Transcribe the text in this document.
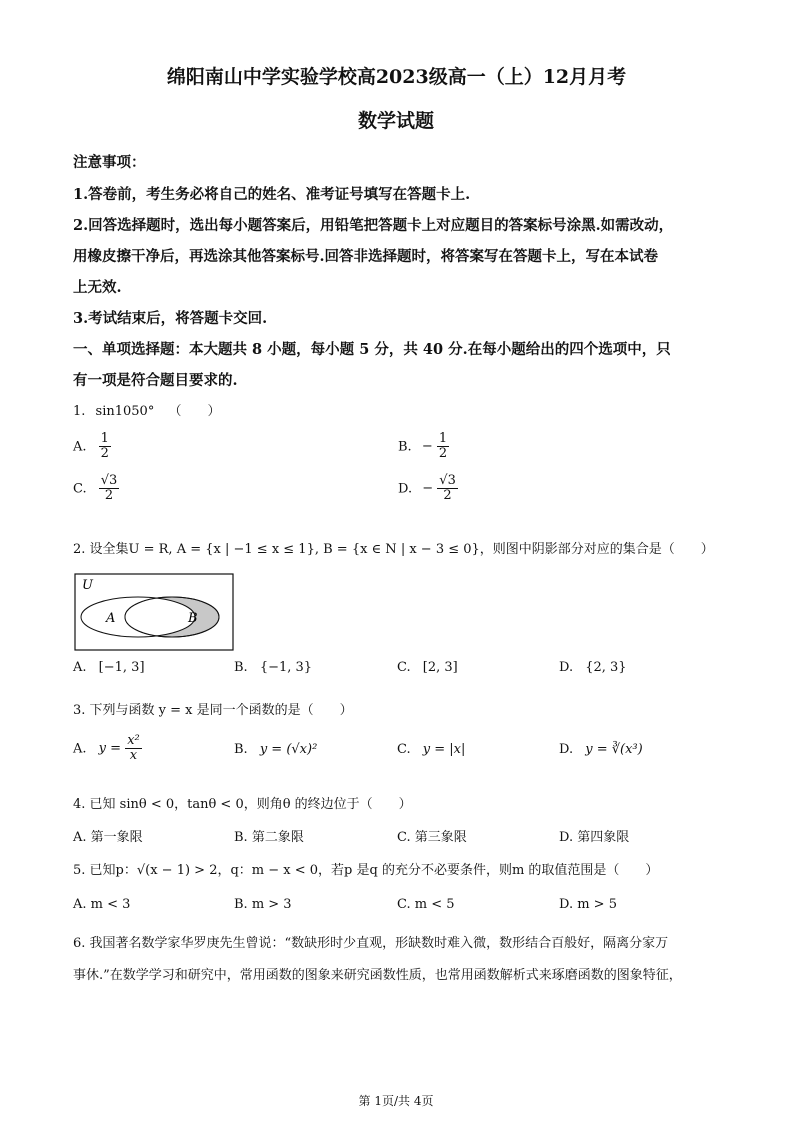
绵阳南山中学实验学校高2023级高一（上）12月月考
数学试题
注意事项：
1.答卷前，考生务必将自己的姓名、准考证号填写在答题卡上.
2.回答选择题时，选出每小题答案后，用铅笔把答题卡上对应题目的答案标号涂黑.如需改动，
用橡皮擦干净后，再选涂其他答案标号.回答非选择题时，将答案写在答题卡上，写在本试卷
上无效.
3.考试结束后，将答题卡交回.
一、单项选择题：本大题共 8 小题，每小题 5 分，共 40 分.在每小题给出的四个选项中，只
有一项是符合题目要求的.
1. sin1050° （　　）
A. $\frac{1}{2}$	B. − $\frac{1}{2}$
C. $\frac{√3}{2}$	D. − $\frac{√3}{2}$
2. 设全集U = R, A = {x | −1 ≤ x ≤ 1}, B = {x ∈ N | x − 3 ≤ 0}，则图中阴影部分对应的集合是（　　）
U
A	B
A. [−1, 3]	B. {−1, 3}	C. [2, 3]	D. {2, 3}
3. 下列与函数 y = x 是同一个函数的是（　　）
A. $y = \frac{\text{x²}}{x}$	B. y = (√x)²	C. y = |x|	D. y = ∛(x³)
4. 已知 sinθ < 0，tanθ < 0，则角θ 的终边位于（　　）
A. 第一象限	B. 第二象限	C. 第三象限	D. 第四象限
5. 已知p：√(x − 1) > 2，q：m − x < 0，若p 是q 的充分不必要条件，则m 的取值范围是（　　）
A. m < 3	B. m > 3	C. m < 5	D. m > 5
6. 我国著名数学家华罗庚先生曾说：“数缺形时少直观，形缺数时难入微，数形结合百般好，隔离分家万
事休.”在数学学习和研究中，常用函数的图象来研究函数性质，也常用函数解析式来琢磨函数的图象特征，
第 1页/共 4页
